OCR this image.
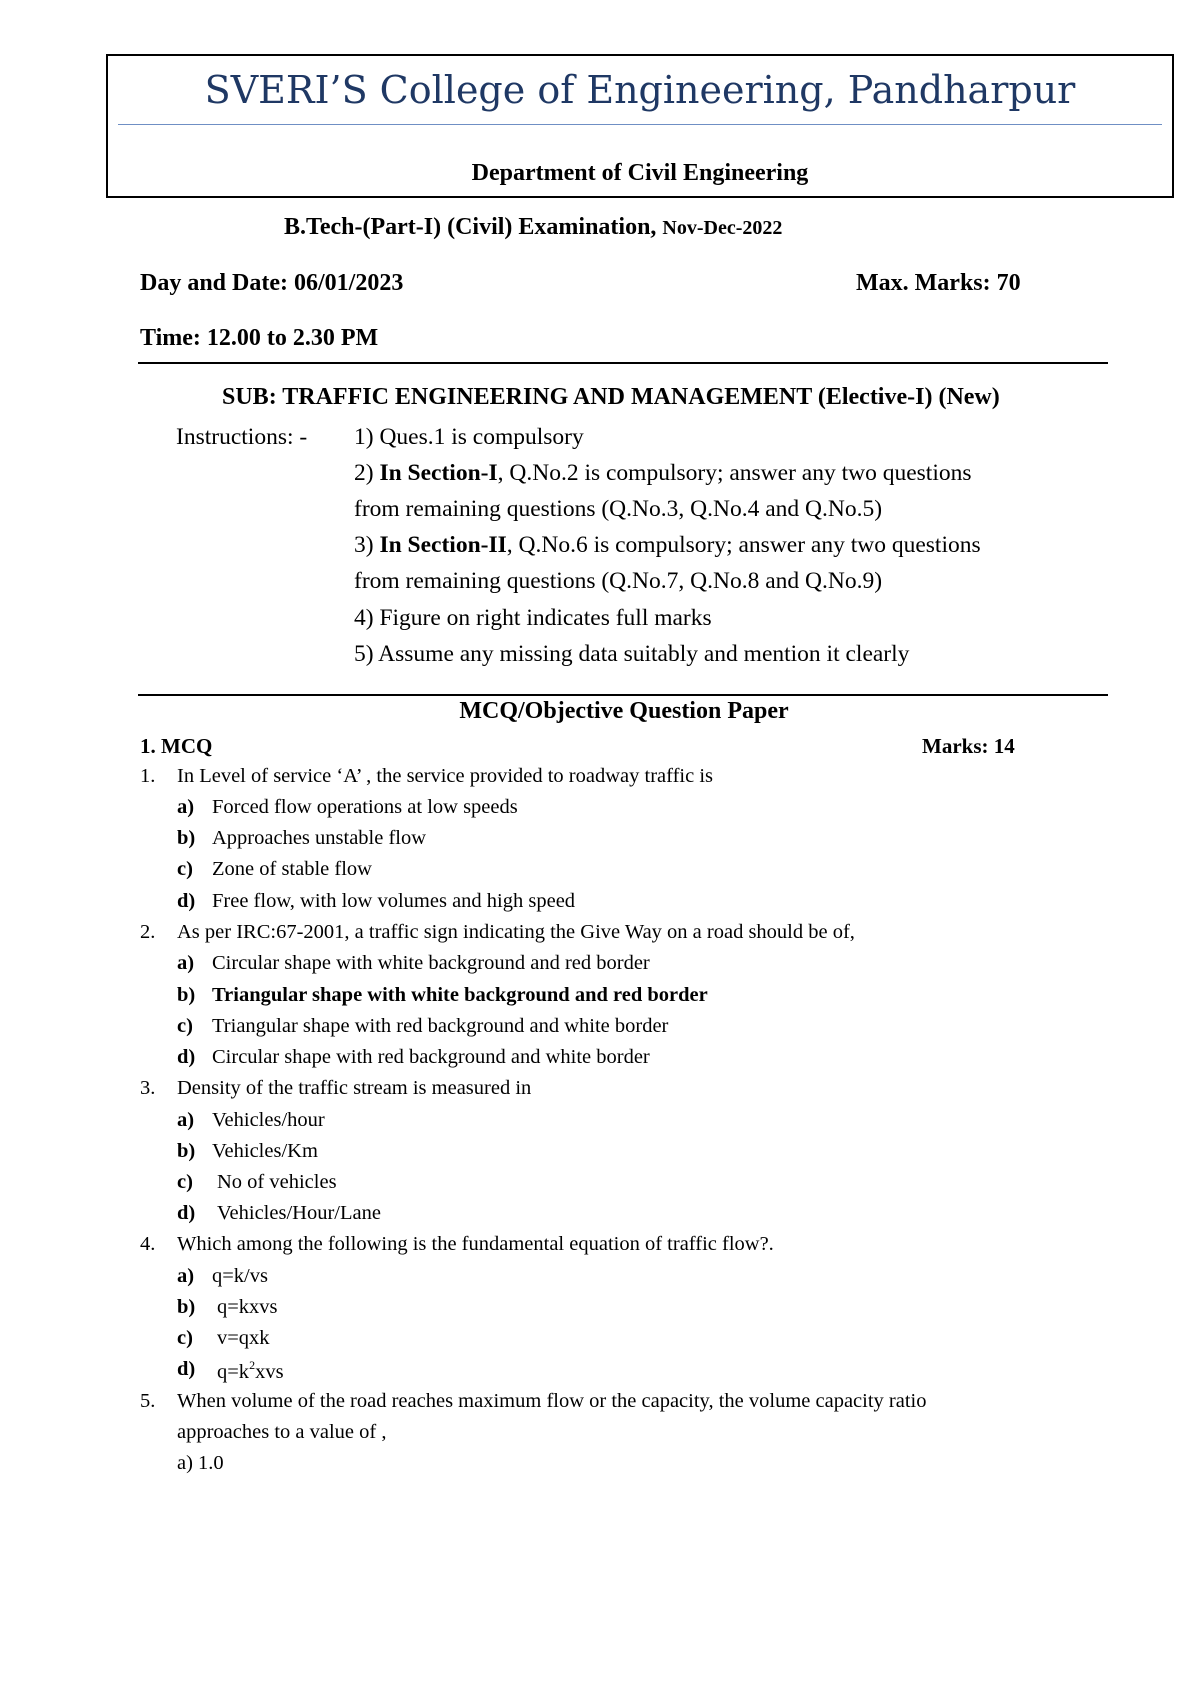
SVERI’S College of Engineering, Pandharpur
Department of Civil Engineering
B.Tech-(Part-I) (Civil) Examination, Nov-Dec-2022
Day and Date: 06/01/2023	Max. Marks: 70
Time: 12.00 to 2.30 PM
SUB: TRAFFIC ENGINEERING AND MANAGEMENT (Elective-I) (New)
Instructions: - 1) Ques.1 is compulsory
2) In Section-I, Q.No.2 is compulsory; answer any two questions
from remaining questions (Q.No.3, Q.No.4 and Q.No.5)
3) In Section-II, Q.No.6 is compulsory; answer any two questions
from remaining questions (Q.No.7, Q.No.8 and Q.No.9)
4) Figure on right indicates full marks
5) Assume any missing data suitably and mention it clearly
MCQ/Objective Question Paper
1. MCQ	Marks: 14
1. In Level of service ‘A’ , the service provided to roadway traffic is
a) Forced flow operations at low speeds
b) Approaches unstable flow
c) Zone of stable flow
d) Free flow, with low volumes and high speed
2. As per IRC:67-2001, a traffic sign indicating the Give Way on a road should be of,
a) Circular shape with white background and red border
b) Triangular shape with white background and red border
c) Triangular shape with red background and white border
d) Circular shape with red background and white border
3. Density of the traffic stream is measured in
a) Vehicles/hour
b) Vehicles/Km
c) No of vehicles
d) Vehicles/Hour/Lane
4. Which among the following is the fundamental equation of traffic flow?.
a) q=k/vs
b) q=kxvs
c) v=qxk
d) $q=k^2xvs$
5. When volume of the road reaches maximum flow or the capacity, the volume capacity ratio
approaches to a value of ,
a) 1.0
